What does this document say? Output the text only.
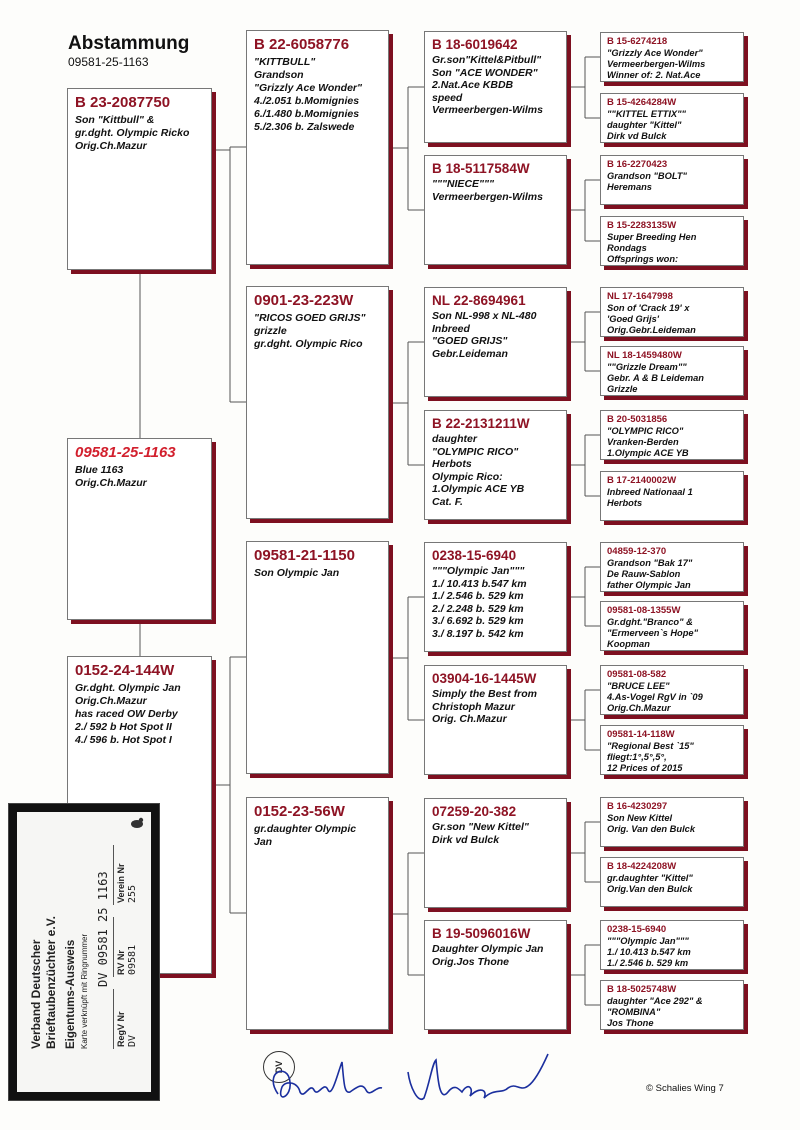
Abstammung
09581-25-1163
B 23-2087750
Son "Kittbull" &
gr.dght. Olympic Ricko
Orig.Ch.Mazur
09581-25-1163
Blue 1163
Orig.Ch.Mazur
0152-24-144W
Gr.dght. Olympic Jan
Orig.Ch.Mazur
has raced OW Derby
2./ 592 b Hot Spot II
4./ 596 b. Hot Spot I
B 22-6058776
"KITTBULL"
Grandson
"Grizzly Ace Wonder"
4./2.051 b.Momignies
6./1.480 b.Momignies
5./2.306 b. Zalswede
0901-23-223W
"RICOS GOED GRIJS"
grizzle
gr.dght. Olympic Rico
09581-21-1150
Son Olympic Jan
0152-23-56W
gr.daughter Olympic
Jan
B 18-6019642
Gr.son"Kittel&Pitbull"
Son "ACE WONDER"
2.Nat.Ace KBDB
speed
Vermeerbergen-Wilms
B 18-5117584W
"""NIECE"""
Vermeerbergen-Wilms
NL 22-8694961
Son NL-998 x NL-480
Inbreed
"GOED GRIJS"
Gebr.Leideman
B 22-2131211W
daughter
"OLYMPIC RICO"
Herbots
Olympic Rico:
1.Olympic ACE YB
Cat. F.
0238-15-6940
"""Olympic Jan"""
1./ 10.413 b.547 km
1./ 2.546 b. 529 km
2./ 2.248 b. 529 km
3./ 6.692 b. 529 km
3./ 8.197 b. 542 km
03904-16-1445W
Simply the Best from
Christoph Mazur
Orig. Ch.Mazur
07259-20-382
Gr.son "New Kittel"
Dirk vd Bulck
B 19-5096016W
Daughter Olympic Jan
Orig.Jos Thone
B 15-6274218
"Grizzly Ace Wonder"
Vermeerbergen-Wilms
Winner of: 2. Nat.Ace
B 15-4264284W
""KITTEL ETTIX""
daughter "Kittel"
Dirk vd Bulck
B 16-2270423
Grandson "BOLT"
Heremans
B 15-2283135W
Super Breeding Hen
Rondags
Offsprings won:
NL 17-1647998
Son of 'Crack 19' x
'Goed Grijs'
Orig.Gebr.Leideman
NL 18-1459480W
""Grizzle Dream""
Gebr. A & B Leideman
Grizzle
B 20-5031856
"OLYMPIC RICO"
Vranken-Berden
1.Olympic ACE YB
B 17-2140002W
Inbreed Nationaal 1
Herbots
04859-12-370
Grandson "Bak 17"
De Rauw-Sablon
father Olympic Jan
09581-08-1355W
Gr.dght."Branco" &
"Ermerveen`s Hope"
Koopman
09581-08-582
"BRUCE LEE"
4.As-Vogel RgV in `09
Orig.Ch.Mazur
09581-14-118W
"Regional Best `15"
fliegt:1°,5°,5°,
12 Prices of 2015
B 16-4230297
Son New Kittel
Orig. Van den Bulck
B 18-4224208W
gr.daughter "Kittel"
Orig.Van den Bulck
0238-15-6940
"""Olympic Jan"""
1./ 10.413 b.547 km
1./ 2.546 b. 529 km
B 18-5025748W
daughter "Ace 292" &
"ROMBINA"
Jos Thone
Verband Deutscher Brieftaubenzüchter e.V. Eigentums-Ausweis Karte verknüpft mit Ringnummer
DV 09581 25 1163
RegV Nr
RV Nr
Verein Nr
DV
09581
255
DV
© Schalies Wing 7
